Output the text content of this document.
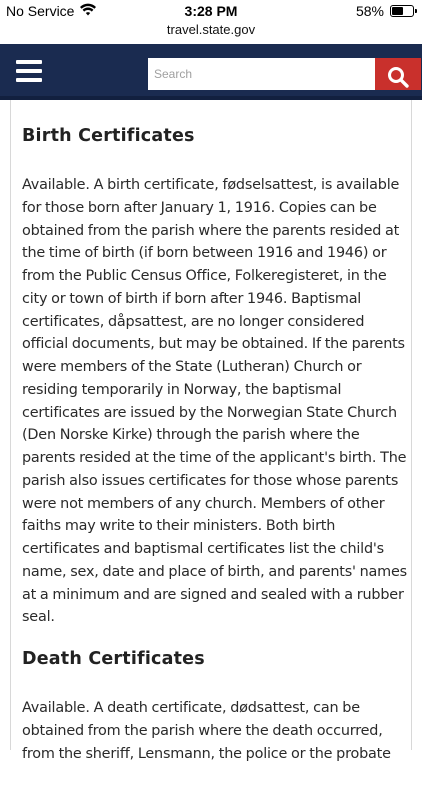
No Service	3:28 PM	58%
travel.state.gov
Search
Birth Certificates

Available. A birth certificate, fødselsattest, is available for those born after January 1, 1916. Copies can be obtained from the parish where the parents resided at the time of birth (if born between 1916 and 1946) or from the Public Census Office, Folkeregisteret, in the city or town of birth if born after 1946. Baptismal certificates, dåpsattest, are no longer considered official documents, but may be obtained. If the parents were members of the State (Lutheran) Church or residing temporarily in Norway, the baptismal certificates are issued by the Norwegian State Church (Den Norske Kirke) through the parish where the parents resided at the time of the applicant's birth. The parish also issues certificates for those whose parents were not members of any church. Members of other faiths may write to their ministers. Both birth certificates and baptismal certificates list the child's name, sex, date and place of birth, and parents' names at a minimum and are signed and sealed with a rubber seal.

Death Certificates

Available. A death certificate, dødsattest, can be obtained from the parish where the death occurred, from the sheriff, Lensmann, the police or the probate
